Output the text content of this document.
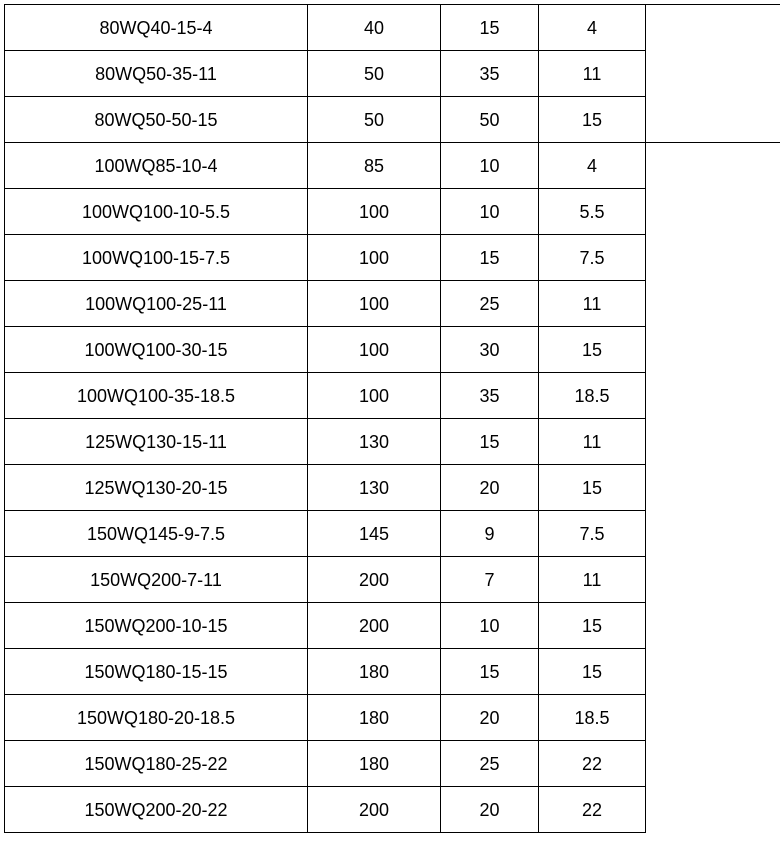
80WQ40-15-4	40	15	4	
80WQ50-35-11	50	35	11	
80WQ50-50-15	50	50	15	
100WQ85-10-4	85	10	4	
100WQ100-10-5.5	100	10	5.5	
100WQ100-15-7.5	100	15	7.5	
100WQ100-25-11	100	25	11	
100WQ100-30-15	100	30	15	
100WQ100-35-18.5	100	35	18.5	
125WQ130-15-11	130	15	11	
125WQ130-20-15	130	20	15	
150WQ145-9-7.5	145	9	7.5	
150WQ200-7-11	200	7	11	
150WQ200-10-15	200	10	15	
150WQ180-15-15	180	15	15	
150WQ180-20-18.5	180	20	18.5	
150WQ180-25-22	180	25	22	
150WQ200-20-22	200	20	22	
